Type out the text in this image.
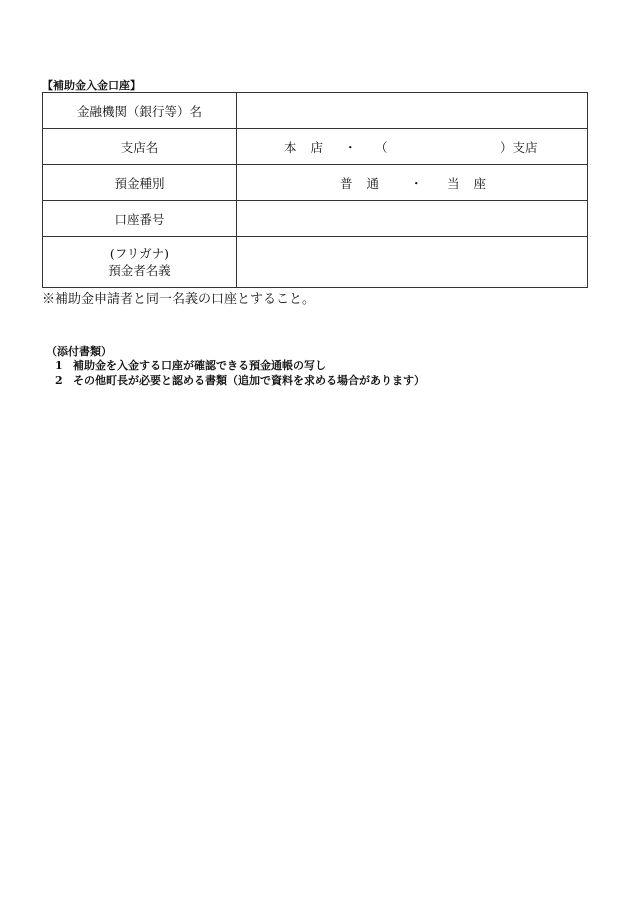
【補助金入金口座】
金融機関（銀行等）名	
支店名	本店 ・ （ ）支店

預金種別	普通 ・ 当座

口座番号	

(フリガナ)
預金者名義	

※補助金申請者と同一名義の口座とすること。
（添付書類）
1 補助金を入金する口座が確認できる預金通帳の写し
2 その他町長が必要と認める書類（追加で資料を求める場合があります）
